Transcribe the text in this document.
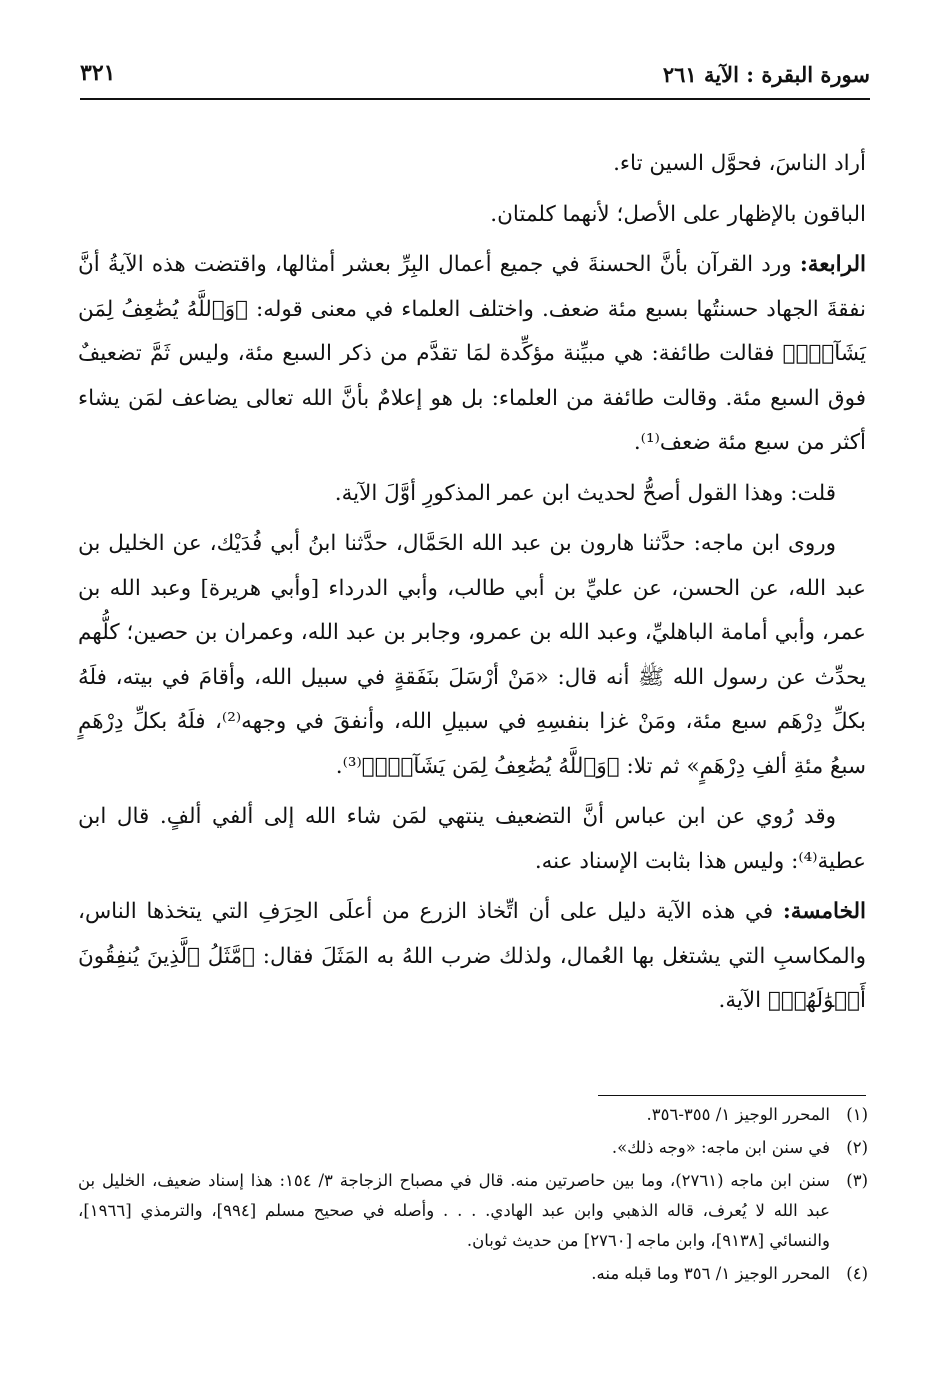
سورة البقرة : الآية ٢٦١
٣٢١

أراد الناسَ، فحوَّل السين تاء.

الباقون بالإظهار على الأصل؛ لأنهما كلمتان.

الرابعة: ورد القرآن بأنَّ الحسنةَ في جميع أعمال البِرِّ بعشر أمثالها، واقتضت هذه الآيةُ أنَّ نفقةَ الجهاد حسنتُها بسبع مئة ضعف. واختلف العلماء في معنى قوله: ﴿وَٱللَّهُ يُضَٰعِفُ لِمَن يَشَآءُۗ﴾ فقالت طائفة: هي مبيِّنة مؤكِّدة لمَا تقدَّم من ذكر السبع مئة، وليس ثَمَّ تضعيفٌ فوق السبع مئة. وقالت طائفة من العلماء: بل هو إعلامٌ بأنَّ الله تعالى يضاعف لمَن يشاء أكثر من سبع مئة ضعف⁽¹⁾.

قلت: وهذا القول أصحُّ لحديث ابن عمر المذكورِ أوَّلَ الآية.

وروى ابن ماجه: حدَّثنا هارون بن عبد الله الحَمَّال، حدَّثنا ابنُ أبي فُدَيْك، عن الخليل بن عبد الله، عن الحسن، عن عليِّ بن أبي طالب، وأبي الدرداء [وأبي هريرة] وعبد الله بن عمر، وأبي أمامة الباهليِّ، وعبد الله بن عمرو، وجابر بن عبد الله، وعمران بن حصين؛ كلُّهم يحدِّث عن رسول الله ﷺ أنه قال: «مَنْ أرْسَلَ بنَفَقةٍ في سبيل الله، وأقامَ في بيته، فلَهُ بكلِّ دِرْهَم سبع مئة، ومَنْ غزا بنفسِهِ في سبيلِ الله، وأنفقَ في وجهه⁽²⁾، فلَهُ بكلِّ دِرْهَمٍ سبعُ مئةِ ألفِ دِرْهَمٍ» ثم تلا: ﴿وَٱللَّهُ يُضَٰعِفُ لِمَن يَشَآءُۗ﴾⁽³⁾.

وقد رُوي عن ابن عباس أنَّ التضعيف ينتهي لمَن شاء الله إلى ألفي ألفٍ. قال ابن عطية⁽⁴⁾: وليس هذا بثابت الإسناد عنه.

الخامسة: في هذه الآية دليل على أن اتِّخاذ الزرع من أعلَى الحِرَفِ التي يتخذها الناس، والمكاسبِ التي يشتغل بها العُمال، ولذلك ضرب اللهُ به المَثَلَ فقال: ﴿مَّثَلُ ٱلَّذِينَ يُنفِقُونَ أَمۡوَٰلَهُمۡ﴾ الآية.

(١)
المحرر الوجيز ١/ ٣٥٥-٣٥٦.
(٢)
في سنن ابن ماجه: «وجه ذلك».
(٣)
سنن ابن ماجه (٢٧٦١)، وما بين حاصرتين منه. قال في مصباح الزجاجة ٣/ ١٥٤: هذا إسناد ضعيف، الخليل بن عبد الله لا يُعرف، قاله الذهبي وابن عبد الهادي. . . . وأصله في صحيح مسلم [٩٩٤]، والترمذي [١٩٦٦]، والنسائي [٩١٣٨]، وابن ماجه [٢٧٦٠] من حديث ثوبان.
(٤)
المحرر الوجيز ١/ ٣٥٦ وما قبله منه.
